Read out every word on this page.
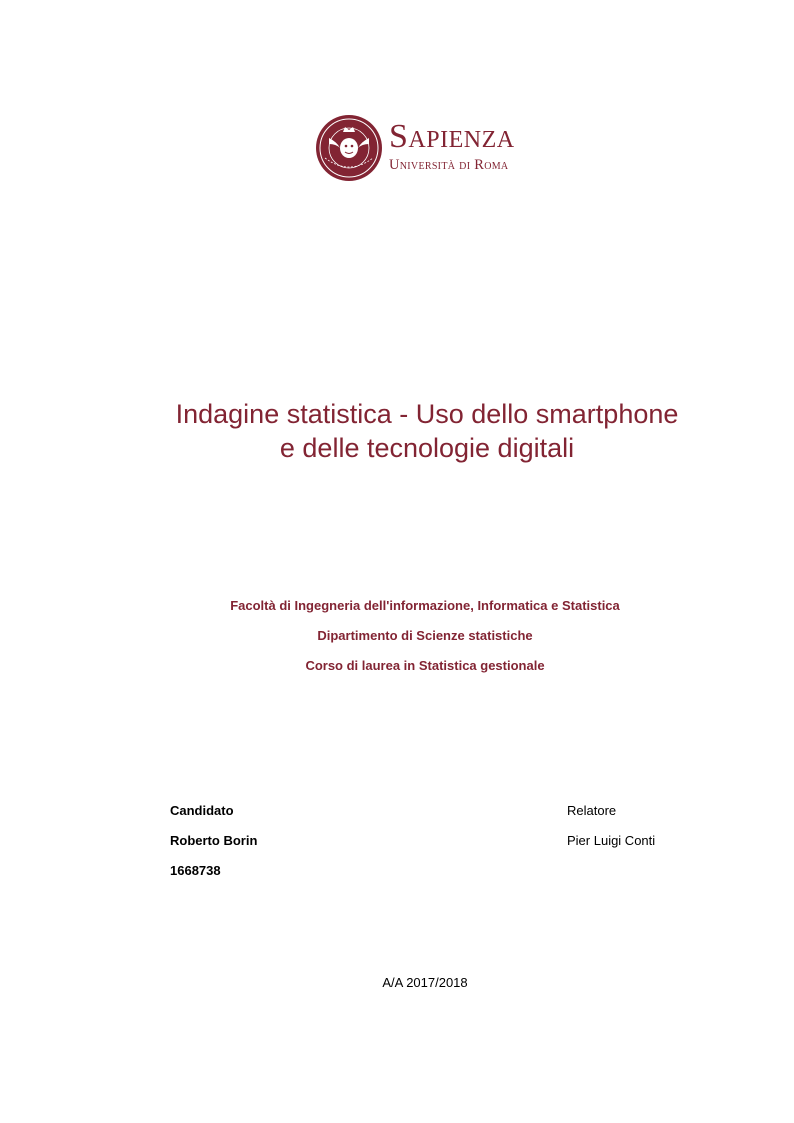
Sapienza
Università di Roma
Indagine statistica - Uso dello smartphone
e delle tecnologie digitali
Facoltà di Ingegneria dell'informazione, Informatica e Statistica
Dipartimento di Scienze statistiche
Corso di laurea in Statistica gestionale
Candidato
Roberto Borin
1668738
Relatore
Pier Luigi Conti
A/A 2017/2018
